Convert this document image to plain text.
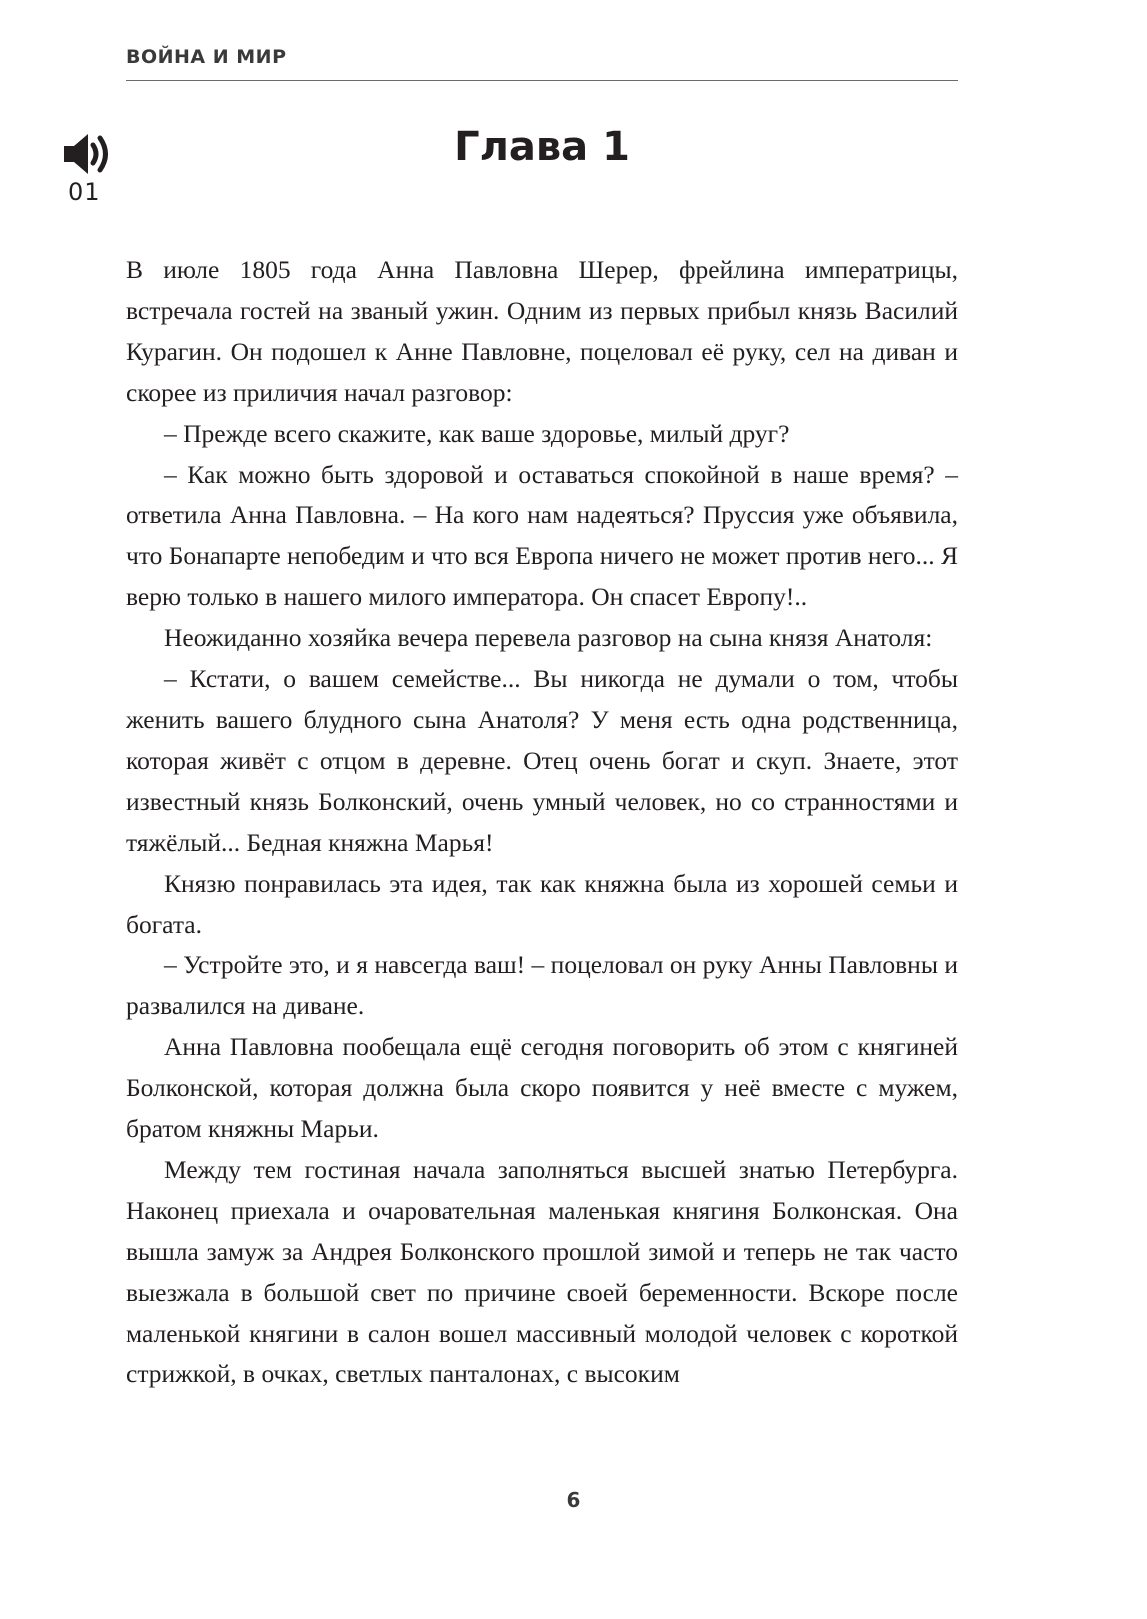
ВОЙНА И МИР
01
Глава 1

В июле 1805 года Анна Павловна Шерер, фрейлина императрицы, встречала гостей на званый ужин. Одним из первых прибыл князь Василий Курагин. Он подошел к Анне Павловне, поцеловал её руку, сел на диван и скорее из приличия начал разговор:

– Прежде всего скажите, как ваше здоровье, милый друг?

– Как можно быть здоровой и оставаться спокойной в наше время? – ответила Анна Павловна. – На кого нам надеяться? Пруссия уже объявила, что Бонапарте непобедим и что вся Европа ничего не может против него... Я верю только в нашего милого императора. Он спасет Европу!..

Неожиданно хозяйка вечера перевела разговор на сына князя Анатоля:

– Кстати, о вашем семействе... Вы никогда не думали о том, чтобы женить вашего блудного сына Анатоля? У меня есть одна родственница, которая живёт с отцом в деревне. Отец очень богат и скуп. Знаете, этот известный князь Болконский, очень умный человек, но со странностями и тяжёлый... Бедная княжна Марья!

Князю понравилась эта идея, так как княжна была из хорошей семьи и богата.

– Устройте это, и я навсегда ваш! – поцеловал он руку Анны Павловны и развалился на диване.

Анна Павловна пообещала ещё сегодня поговорить об этом с княгиней Болконской, которая должна была скоро появится у неё вместе с мужем, братом княжны Марьи.

Между тем гостиная начала заполняться высшей знатью Петербурга. Наконец приехала и очаровательная маленькая княгиня Болконская. Она вышла замуж за Андрея Болконского прошлой зимой и теперь не так часто выезжала в большой свет по причине своей беременности. Вскоре после маленькой княгини в салон вошел массивный молодой человек с короткой стрижкой, в очках, светлых панталонах, с высоким

6
